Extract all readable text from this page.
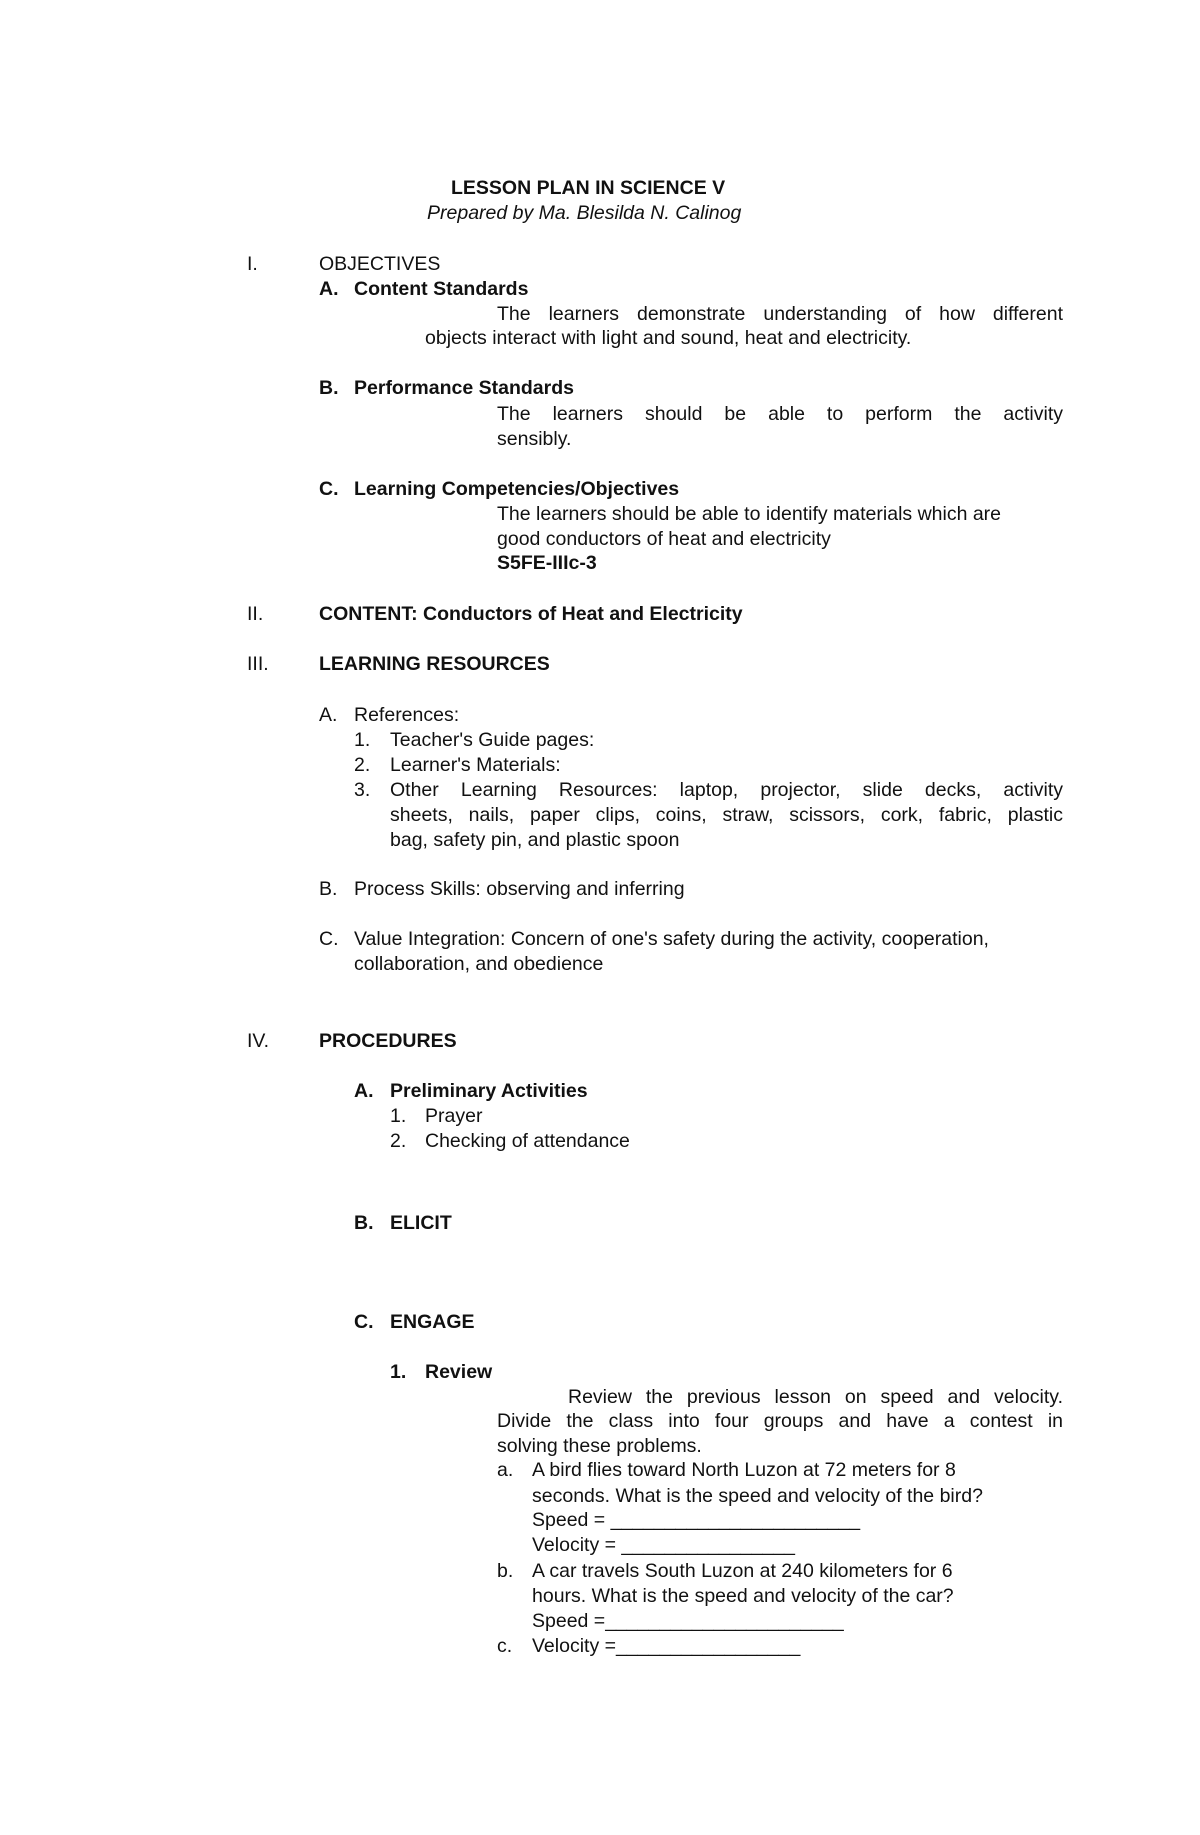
LESSON PLAN IN SCIENCE V
Prepared by Ma. Blesilda N. Calinog
I.	OBJECTIVES
A. Content Standards
The learners demonstrate understanding of how different
objects interact with light and sound, heat and electricity.
B. Performance Standards
The learners should be able to perform the activity
sensibly.
C. Learning Competencies/Objectives
The learners should be able to identify materials which are
good conductors of heat and electricity
S5FE-IIIc-3
II.	CONTENT: Conductors of Heat and Electricity
III.	LEARNING RESOURCES
A. References:
1. Teacher's Guide pages:
2. Learner's Materials:
3. Other Learning Resources: laptop, projector, slide decks, activity
sheets, nails, paper clips, coins, straw, scissors, cork, fabric, plastic
bag, safety pin, and plastic spoon
B. Process Skills: observing and inferring
C. Value Integration: Concern of one's safety during the activity, cooperation,
collaboration, and obedience
IV.	PROCEDURES
A. Preliminary Activities
1. Prayer
2. Checking of attendance
B. ELICIT
C. ENGAGE
1. Review
Review the previous lesson on speed and velocity.
Divide the class into four groups and have a contest in
solving these problems.
a. A bird flies toward North Luzon at 72 meters for 8
seconds. What is the speed and velocity of the bird?
Speed = _______________________
Velocity = ________________
b. A car travels South Luzon at 240 kilometers for 6
hours. What is the speed and velocity of the car?
Speed =______________________
c. Velocity =_________________
